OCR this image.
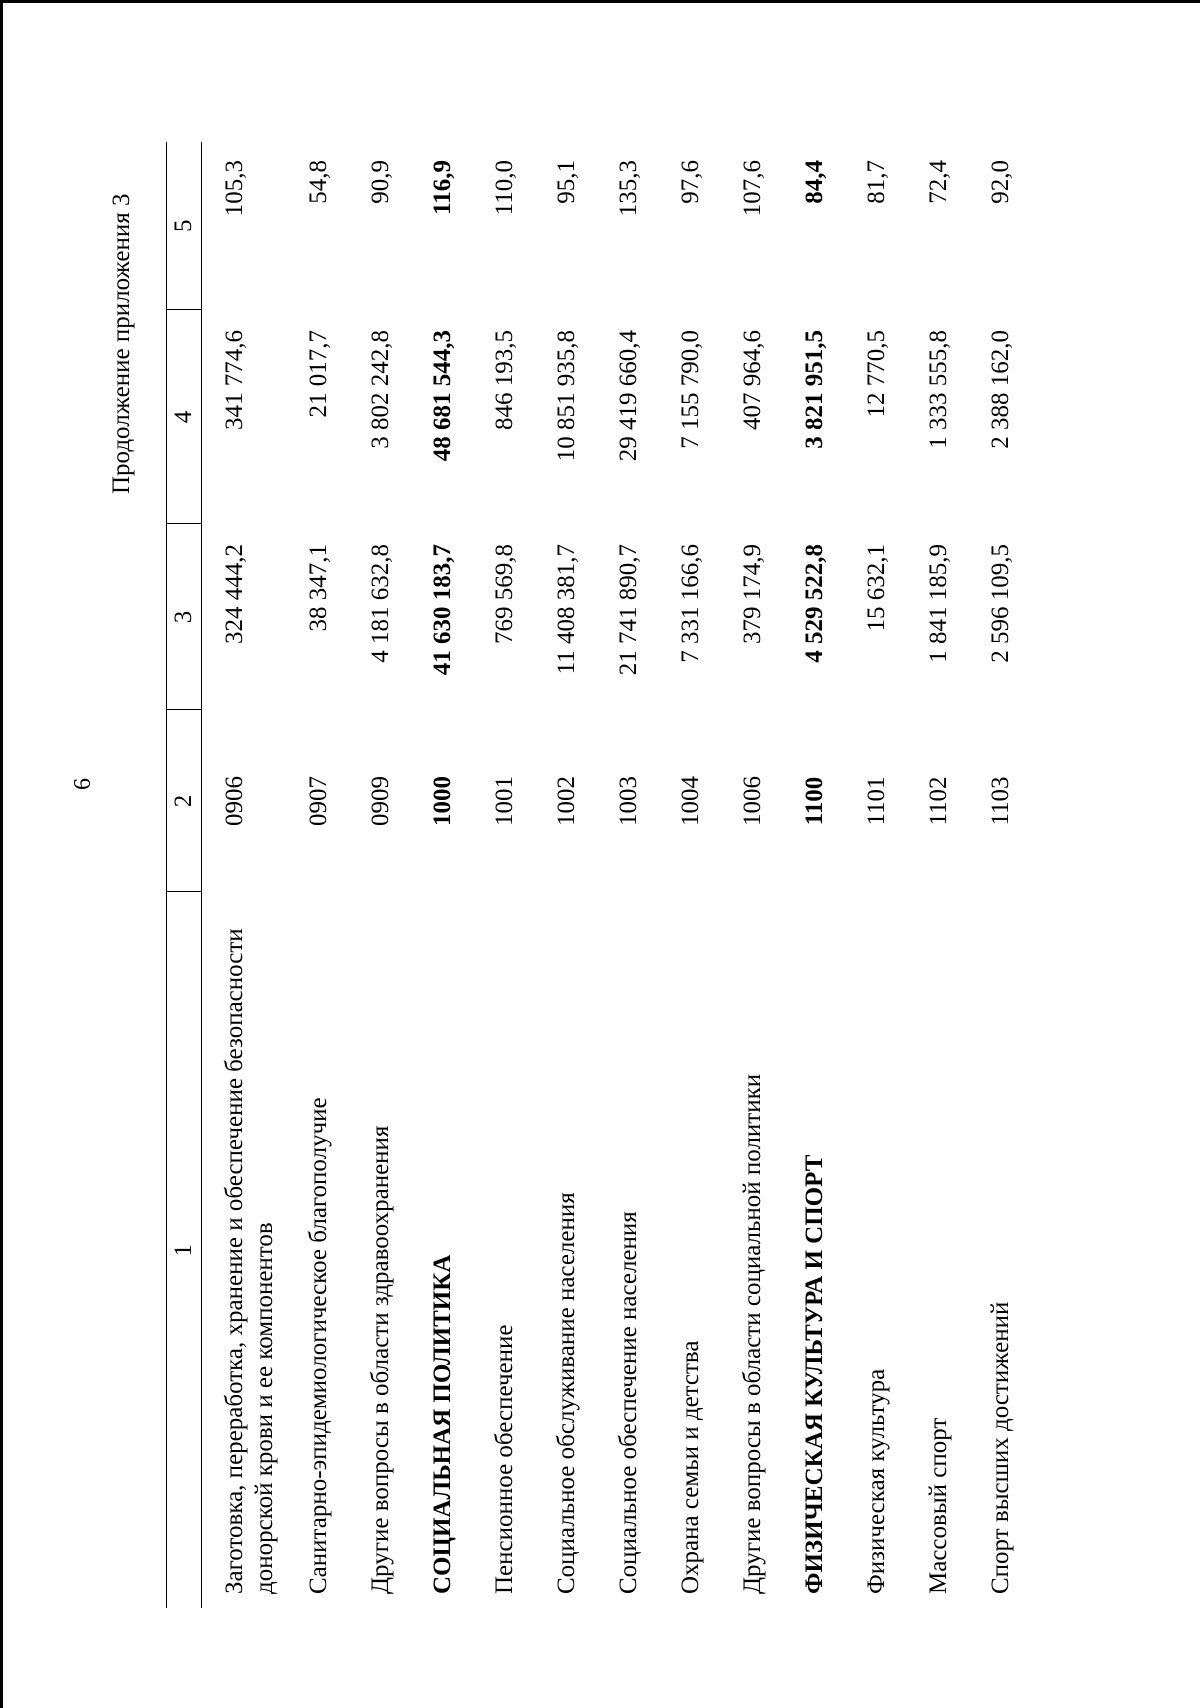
6
Продолжение приложения 3
1	2	3	4	5
Заготовка, переработка, хранение и обеспечение безопасности донорской крови и ее компонентов	0906	324 444,2	341 774,6	105,3
Санитарно-эпидемиологическое благополучие	0907	38 347,1	21 017,7	54,8
Другие вопросы в области здравоохранения	0909	4 181 632,8	3 802 242,8	90,9
СОЦИАЛЬНАЯ ПОЛИТИКА	1000	41 630 183,7	48 681 544,3	116,9
Пенсионное обеспечение	1001	769 569,8	846 193,5	110,0
Социальное обслуживание населения	1002	11 408 381,7	10 851 935,8	95,1
Социальное обеспечение населения	1003	21 741 890,7	29 419 660,4	135,3
Охрана семьи и детства	1004	7 331 166,6	7 155 790,0	97,6
Другие вопросы в области социальной политики	1006	379 174,9	407 964,6	107,6
ФИЗИЧЕСКАЯ КУЛЬТУРА И СПОРТ	1100	4 529 522,8	3 821 951,5	84,4
Физическая культура	1101	15 632,1	12 770,5	81,7
Массовый спорт	1102	1 841 185,9	1 333 555,8	72,4
Спорт высших достижений	1103	2 596 109,5	2 388 162,0	92,0
